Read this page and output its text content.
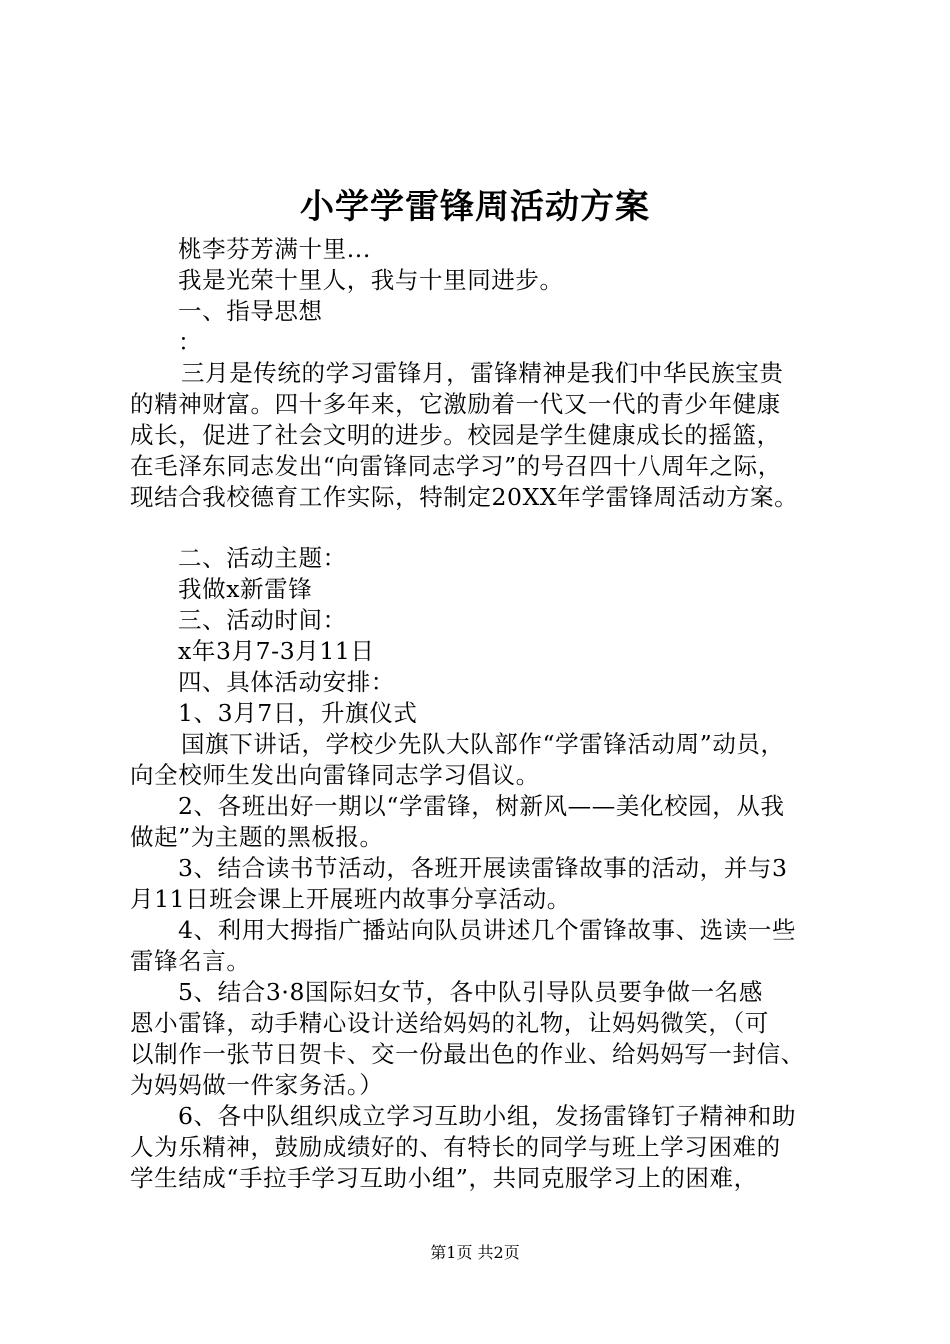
小学学雷锋周活动方案
桃李芬芳满十里...
我是光荣十里人，我与十里同进步。
一、指导思想
：
三月是传统的学习雷锋月，雷锋精神是我们中华民族宝贵
的精神财富。四十多年来，它激励着一代又一代的青少年健康
成长，促进了社会文明的进步。校园是学生健康成长的摇篮，
在毛泽东同志发出“向雷锋同志学习”的号召四十八周年之际，
现结合我校德育工作实际，特制定20XX年学雷锋周活动方案。
二、活动主题：
我做x新雷锋
三、活动时间：
x年3月7-3月11日
四、具体活动安排：
1、3月7日，升旗仪式
国旗下讲话，学校少先队大队部作“学雷锋活动周”动员，
向全校师生发出向雷锋同志学习倡议。
2、各班出好一期以“学雷锋，树新风——美化校园，从我
做起”为主题的黑板报。
3、结合读书节活动，各班开展读雷锋故事的活动，并与3
月11日班会课上开展班内故事分享活动。
4、利用大拇指广播站向队员讲述几个雷锋故事、选读一些
雷锋名言。
5、结合3·8国际妇女节，各中队引导队员要争做一名感
恩小雷锋，动手精心设计送给妈妈的礼物，让妈妈微笑，（可
以制作一张节日贺卡、交一份最出色的作业、给妈妈写一封信、
为妈妈做一件家务活。）
6、各中队组织成立学习互助小组，发扬雷锋钉子精神和助
人为乐精神，鼓励成绩好的、有特长的同学与班上学习困难的
学生结成“手拉手学习互助小组”，共同克服学习上的困难，
第1页 共2页
